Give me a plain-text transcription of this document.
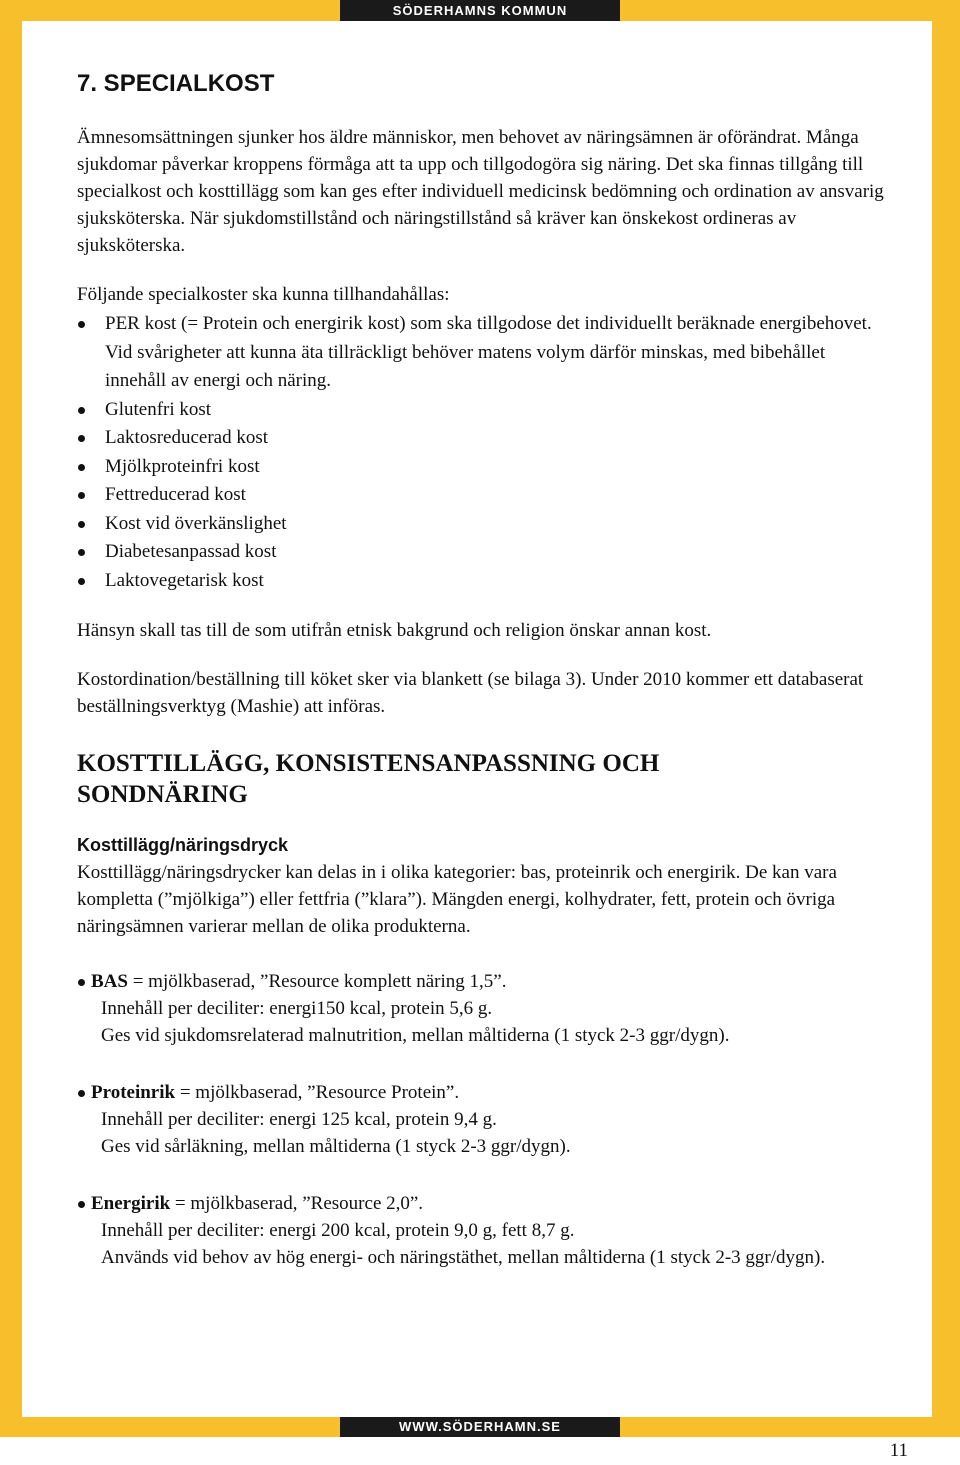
SÖDERHAMNS KOMMUN
7. SPECIALKOST

Ämnesomsättningen sjunker hos äldre människor, men behovet av näringsämnen är oförändrat. Många sjukdomar påverkar kroppens förmåga att ta upp och tillgodogöra sig näring. Det ska finnas tillgång till specialkost och kosttillägg som kan ges efter individuell medicinsk bedömning och ordination av ansvarig sjuksköterska. När sjukdomstillstånd och näringstillstånd så kräver kan önskekost ordineras av sjuksköterska.

Följande specialkoster ska kunna tillhandahållas:

PER kost (= Protein och energirik kost) som ska tillgodose det individuellt beräknade energibehovet. Vid svårigheter att kunna äta tillräckligt behöver matens volym därför minskas, med bibehållet innehåll av energi och näring.
Glutenfri kost
Laktosreducerad kost
Mjölkproteinfri kost
Fettreducerad kost
Kost vid överkänslighet
Diabetesanpassad kost
Laktovegetarisk kost

Hänsyn skall tas till de som utifrån etnisk bakgrund och religion önskar annan kost.

Kostordination/beställning till köket sker via blankett (se bilaga 3). Under 2010 kommer ett databaserat beställningsverktyg (Mashie) att införas.

KOSTTILLÄGG, KONSISTENSANPASSNING OCH
SONDNÄRING
Kosttillägg/näringsdryck

Kosttillägg/näringsdrycker kan delas in i olika kategorier: bas, proteinrik och energirik. De kan vara kompletta (”mjölkiga”) eller fettfria (”klara”). Mängden energi, kolhydrater, fett, protein och övriga näringsämnen varierar mellan de olika produkterna.

BAS = mjölkbaserad, ”Resource komplett näring 1,5”.

Innehåll per deciliter: energi150 kcal, protein 5,6 g.

Ges vid sjukdomsrelaterad malnutrition, mellan måltiderna (1 styck 2-3 ggr/dygn).

Proteinrik = mjölkbaserad, ”Resource Protein”.

Innehåll per deciliter: energi 125 kcal, protein 9,4 g.

Ges vid sårläkning, mellan måltiderna (1 styck 2-3 ggr/dygn).

Energirik = mjölkbaserad, ”Resource 2,0”.

Innehåll per deciliter: energi 200 kcal, protein 9,0 g, fett 8,7 g.

Används vid behov av hög energi- och näringstäthet, mellan måltiderna (1 styck 2-3 ggr/dygn).

WWW.SÖDERHAMN.SE
11
